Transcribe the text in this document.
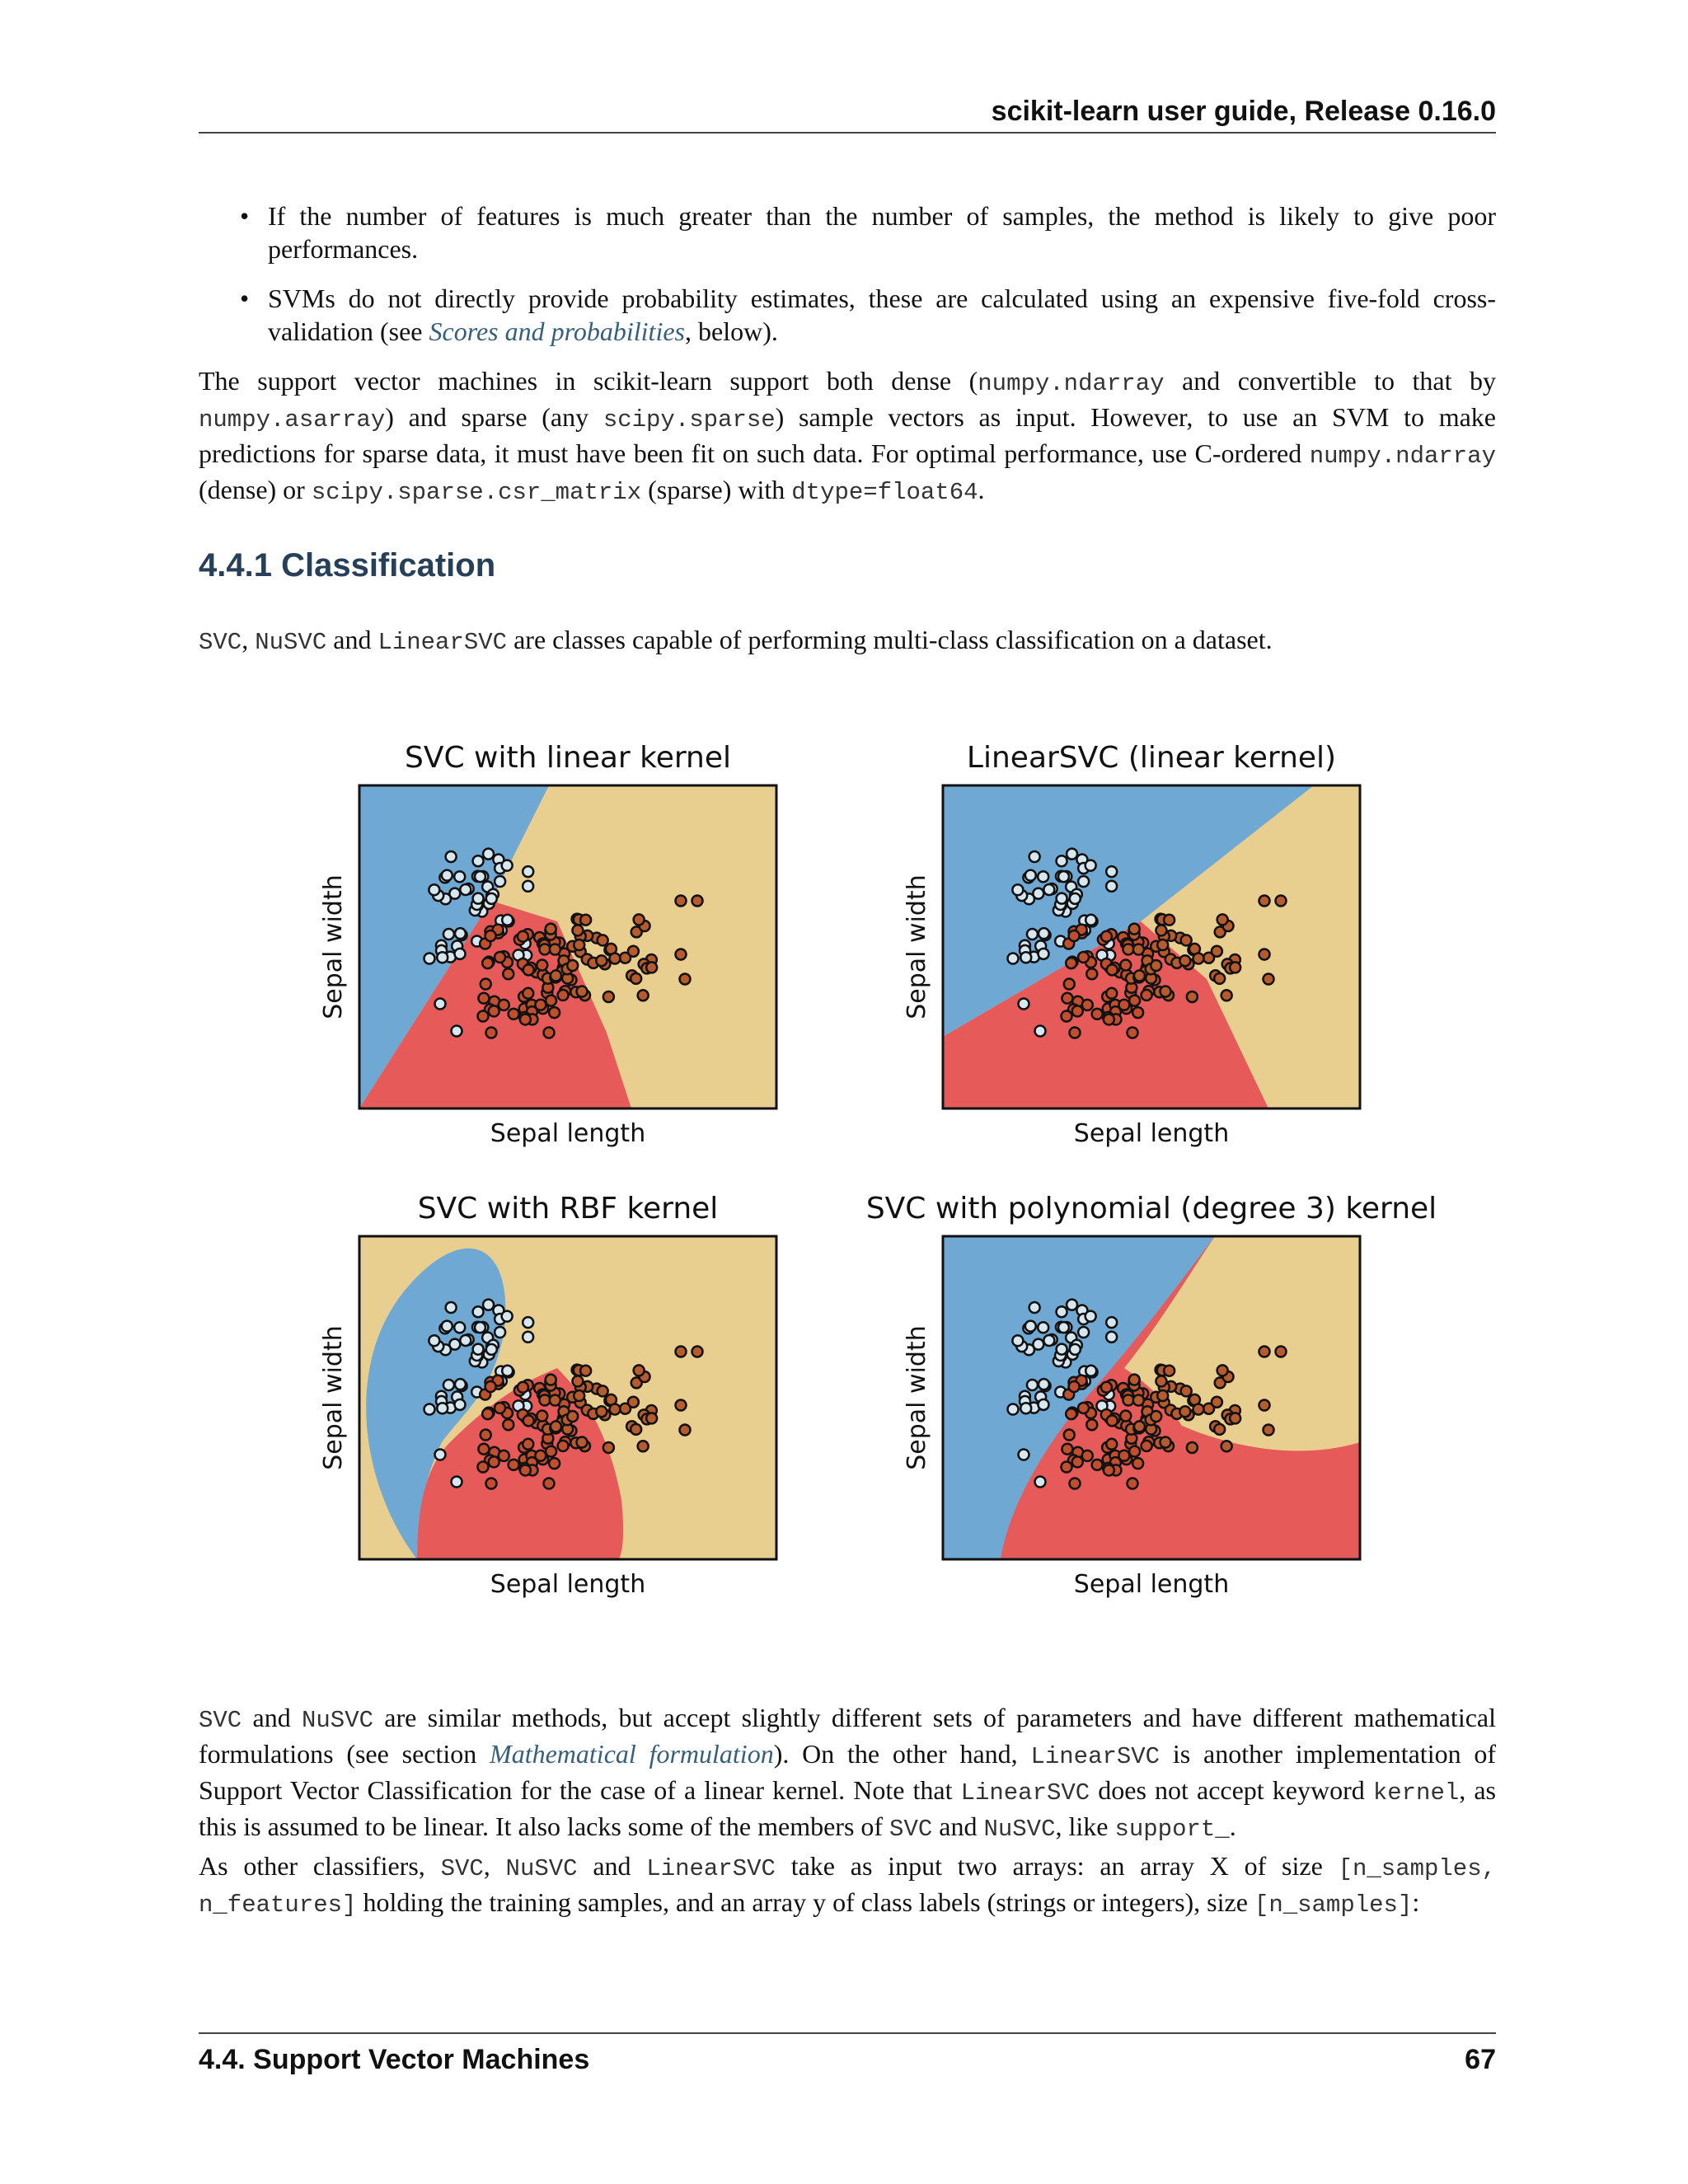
scikit-learn user guide, Release 0.16.0
• If the number of features is much greater than the number of samples, the method is likely to give poor performances.
• SVMs do not directly provide probability estimates, these are calculated using an expensive five-fold cross-validation (see Scores and probabilities, below).

The support vector machines in scikit-learn support both dense (numpy.ndarray and convertible to that by numpy.asarray) and sparse (any scipy.sparse) sample vectors as input. However, to use an SVM to make predictions for sparse data, it must have been fit on such data. For optimal performance, use C-ordered numpy.ndarray (dense) or scipy.sparse.csr_matrix (sparse) with dtype=float64.

4.4.1 Classification

SVC, NuSVC and LinearSVC are classes capable of performing multi-class classification on a dataset.

SVC with linear kernel
Sepal length
Sepal width
LinearSVC (linear kernel)
Sepal length
Sepal width
SVC with RBF kernel
Sepal length
Sepal width
SVC with polynomial (degree 3) kernel
Sepal length
Sepal width

SVC and NuSVC are similar methods, but accept slightly different sets of parameters and have different mathematical formulations (see section Mathematical formulation). On the other hand, LinearSVC is another implementation of Support Vector Classification for the case of a linear kernel. Note that LinearSVC does not accept keyword kernel, as this is assumed to be linear. It also lacks some of the members of SVC and NuSVC, like support_.

As other classifiers, SVC, NuSVC and LinearSVC take as input two arrays: an array X of size [n_samples, n_features] holding the training samples, and an array y of class labels (strings or integers), size [n_samples]:

4.4. Support Vector Machines	67
